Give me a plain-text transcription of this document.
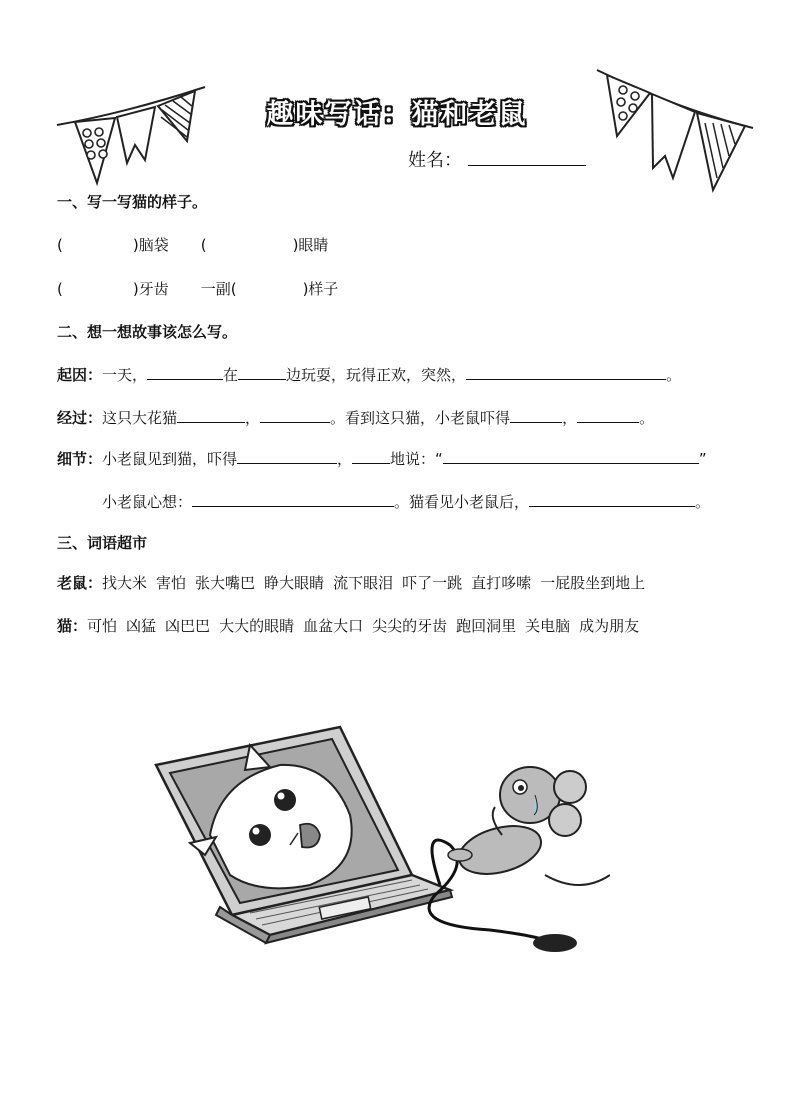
趣味写话：猫和老鼠
姓名：
一、写一写猫的样子。
(	)脑袋 (	)眼睛
(	)牙齿 一副(	)样子
二、想一想故事该怎么写。
起因：一天，	在	边玩耍，玩得正欢，突然，	。
经过：这只大花猫	，	。看到这只猫，小老鼠吓得	，	。
细节：小老鼠见到猫，吓得	，	地说：“	”
小老鼠心想：	。猫看见小老鼠后，	。
三、词语超市
老鼠：找大米 害怕 张大嘴巴 睁大眼睛 流下眼泪 吓了一跳 直打哆嗦 一屁股坐到地上
猫：可怕 凶猛 凶巴巴 大大的眼睛 血盆大口 尖尖的牙齿 跑回洞里 关电脑 成为朋友
